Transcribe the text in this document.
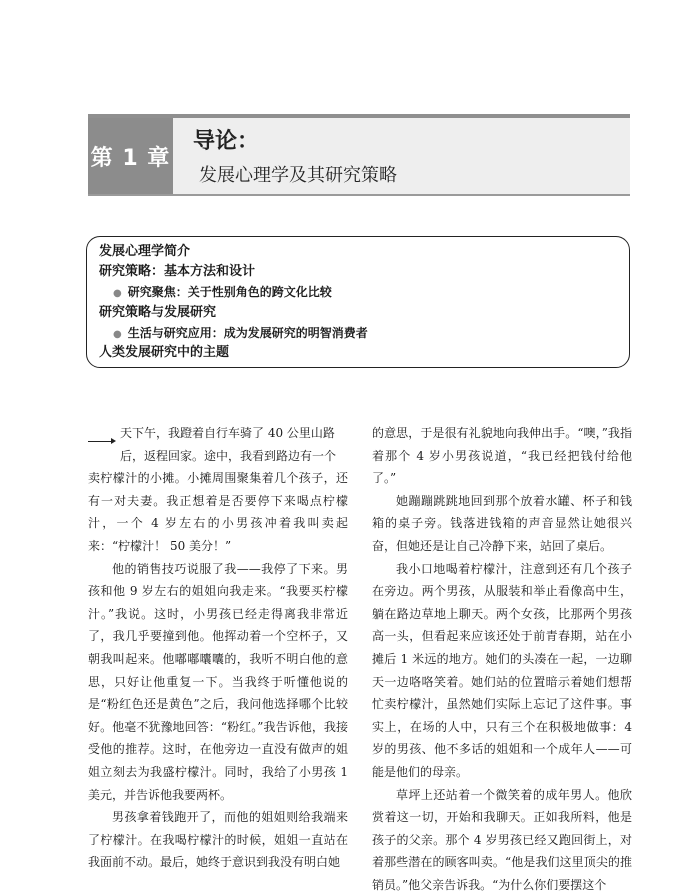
第 1 章
导论：
发展心理学及其研究策略
发展心理学简介
研究策略：基本方法和设计
● 研究聚焦：关于性别角色的跨文化比较
研究策略与发展研究
● 生活与研究应用：成为发展研究的明智消费者
人类发展研究中的主题

天下午，我蹬着自行车骑了 40 公里山路
后，返程回家。途中，我看到路边有一个
卖柠檬汁的小摊。小摊周围聚集着几个孩子，还有一对夫妻。我正想着是否要停下来喝点柠檬汁，一个 4 岁左右的小男孩冲着我叫卖起来：“柠檬汁！ 50 美分！”

他的销售技巧说服了我——我停了下来。男孩和他 9 岁左右的姐姐向我走来。“我要买柠檬汁。”我说。这时，小男孩已经走得离我非常近了，我几乎要撞到他。他挥动着一个空杯子，又朝我叫起来。他嘟嘟囔囔的，我听不明白他的意思，只好让他重复一下。当我终于听懂他说的是“粉红色还是黄色”之后，我问他选择哪个比较好。他毫不犹豫地回答：“粉红。”我告诉他，我接受他的推荐。这时，在他旁边一直没有做声的姐姐立刻去为我盛柠檬汁。同时，我给了小男孩 1 美元，并告诉他我要两杯。

男孩拿着钱跑开了，而他的姐姐则给我端来了柠檬汁。在我喝柠檬汁的时候，姐姐一直站在我面前不动。最后，她终于意识到我没有明白她

的意思，于是很有礼貌地向我伸出手。“噢，”我指着那个 4 岁小男孩说道，“我已经把钱付给他了。”

她蹦蹦跳跳地回到那个放着水罐、杯子和钱箱的桌子旁。钱落进钱箱的声音显然让她很兴奋，但她还是让自己冷静下来，站回了桌后。

我小口地喝着柠檬汁，注意到还有几个孩子在旁边。两个男孩，从服装和举止看像高中生，躺在路边草地上聊天。两个女孩，比那两个男孩高一头，但看起来应该还处于前青春期，站在小摊后 1 米远的地方。她们的头凑在一起，一边聊天一边咯咯笑着。她们站的位置暗示着她们想帮忙卖柠檬汁，虽然她们实际上忘记了这件事。事实上，在场的人中，只有三个在积极地做事：4 岁的男孩、他不多话的姐姐和一个成年人——可能是他们的母亲。

草坪上还站着一个微笑着的成年男人。他欣赏着这一切，开始和我聊天。正如我所料，他是孩子的父亲。那个 4 岁男孩已经又跑回街上，对着那些潜在的顾客叫卖。“他是我们这里顶尖的推销员。”他父亲告诉我。“为什么你们要摆这个
